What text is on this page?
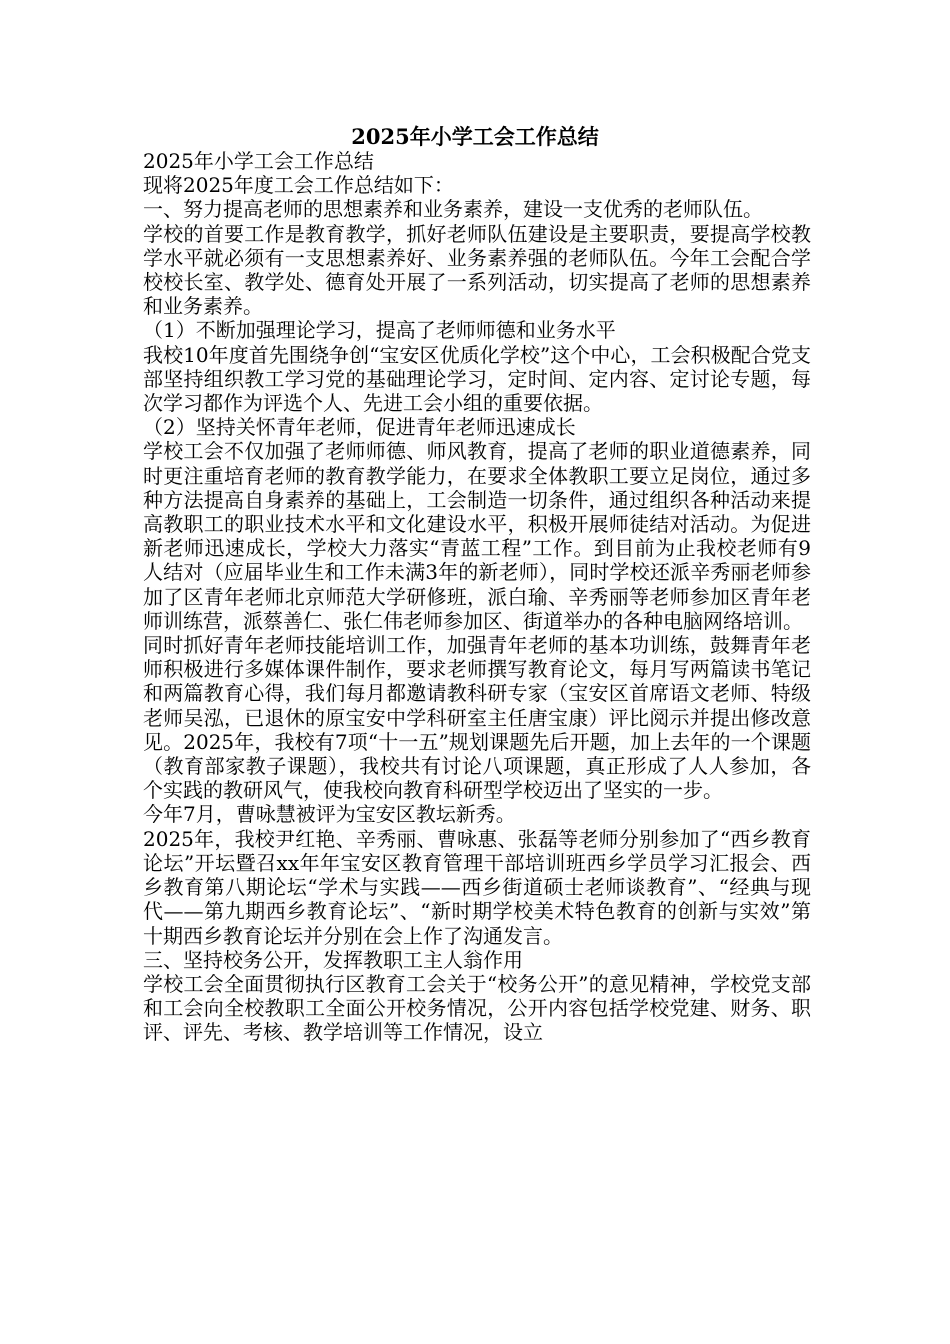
2025年小学工会工作总结

2025年小学工会工作总结

现将2025年度工会工作总结如下：

一、努力提高老师的思想素养和业务素养，建设一支优秀的老师队伍。

学校的首要工作是教育教学，抓好老师队伍建设是主要职责，要提高学校教学水平就必须有一支思想素养好、业务素养强的老师队伍。今年工会配合学校校长室、教学处、德育处开展了一系列活动，切实提高了老师的思想素养和业务素养。

（1）不断加强理论学习，提高了老师师德和业务水平

我校10年度首先围绕争创“宝安区优质化学校”这个中心，工会积极配合党支部坚持组织教工学习党的基础理论学习，定时间、定内容、定讨论专题，每次学习都作为评选个人、先进工会小组的重要依据。

（2）坚持关怀青年老师，促进青年老师迅速成长

学校工会不仅加强了老师师德、师风教育，提高了老师的职业道德素养，同时更注重培育老师的教育教学能力，在要求全体教职工要立足岗位，通过多种方法提高自身素养的基础上，工会制造一切条件，通过组织各种活动来提高教职工的职业技术水平和文化建设水平，积极开展师徒结对活动。为促进新老师迅速成长，学校大力落实“青蓝工程”工作。到目前为止我校老师有9人结对（应届毕业生和工作未满3年的新老师），同时学校还派辛秀丽老师参加了区青年老师北京师范大学研修班，派白瑜、辛秀丽等老师参加区青年老师训练营，派蔡善仁、张仁伟老师参加区、街道举办的各种电脑网络培训。

同时抓好青年老师技能培训工作，加强青年老师的基本功训练，鼓舞青年老师积极进行多媒体课件制作，要求老师撰写教育论文，每月写两篇读书笔记和两篇教育心得，我们每月都邀请教科研专家（宝安区首席语文老师、特级老师吴泓，已退休的原宝安中学科研室主任唐宝康）评比阅示并提出修改意见。2025年，我校有7项“十一五”规划课题先后开题，加上去年的一个课题（教育部家教子课题），我校共有讨论八项课题，真正形成了人人参加，各个实践的教研风气，使我校向教育科研型学校迈出了坚实的一步。

今年7月，曹咏慧被评为宝安区教坛新秀。

2025年，我校尹红艳、辛秀丽、曹咏惠、张磊等老师分别参加了“西乡教育论坛”开坛暨召xx年年宝安区教育管理干部培训班西乡学员学习汇报会、西乡教育第八期论坛“学术与实践——西乡街道硕士老师谈教育”、“经典与现代——第九期西乡教育论坛”、“新时期学校美术特色教育的创新与实效”第十期西乡教育论坛并分别在会上作了沟通发言。

三、坚持校务公开，发挥教职工主人翁作用

学校工会全面贯彻执行区教育工会关于“校务公开”的意见精神，学校党支部和工会向全校教职工全面公开校务情况，公开内容包括学校党建、财务、职评、评先、考核、教学培训等工作情况，设立
